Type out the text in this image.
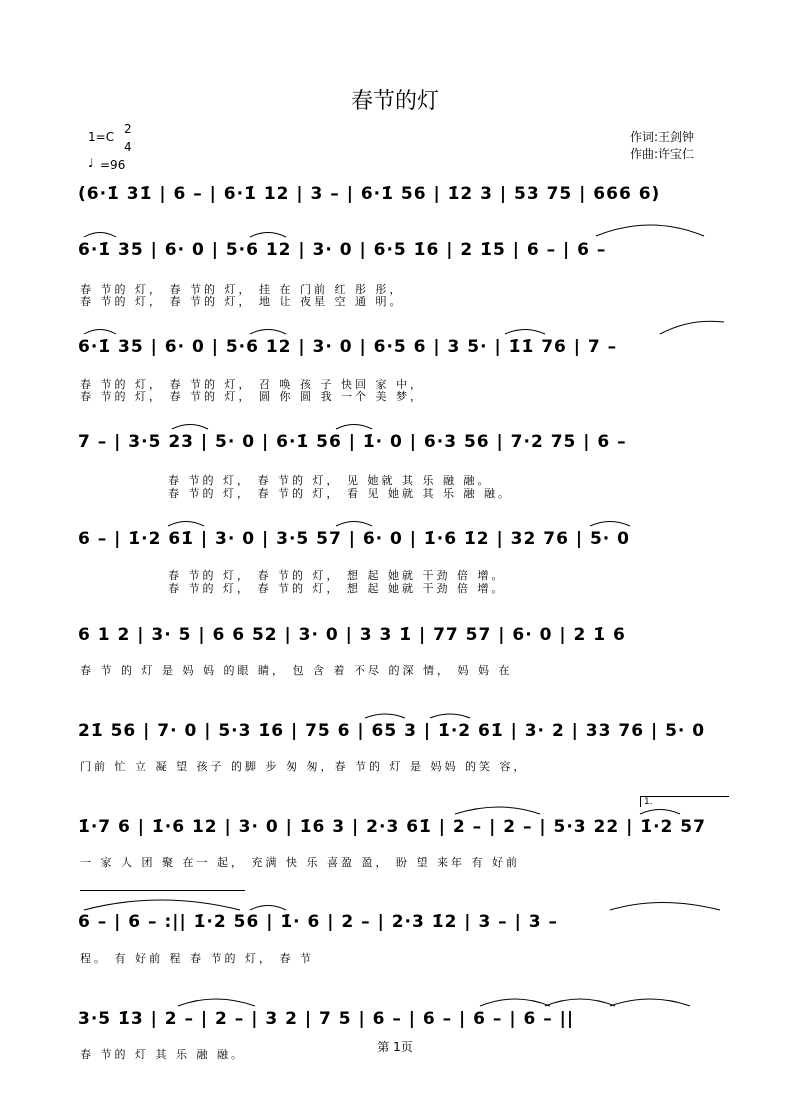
春节的灯
1=C
2
4
♩ =96
作词:王剑钟
作曲:许宝仁
(6·1̇ 31̇ | 6 – | 6·1̇ 12 | 3 – | 6·1̇ 56 | 1̇2 3 | 53 75 | 666 6)
6·1̇ 35 | 6· 0 | 5·6 12 | 3· 0 | 6·5 1̇6 | 2 1̇5 | 6 – | 6 –
春 节的 灯， 春 节的 灯， 挂 在 门前 红 彤 彤，
春 节的 灯， 春 节的 灯， 地 让 夜星 空 通 明。
6·1̇ 35 | 6· 0 | 5·6 12 | 3· 0 | 6·5 6 | 3 5· | 1̇1̇ 76 | 7 –
春 节的 灯， 春 节的 灯， 召 唤 孩 子 快回 家 中，
春 节的 灯， 春 节的 灯， 圆 你 圆 我 一个 美 梦，
7 – | 3·5 23 | 5· 0 | 6·1̇ 56 | 1̇· 0 | 6·3 56 | 7·2 75 | 6 –
春 节的 灯， 春 节的 灯， 见 她就 其 乐 融 融。
春 节的 灯， 春 节的 灯， 看 见 她就 其 乐 融 融。
6 – | 1̇·2 61̇ | 3· 0 | 3·5 57 | 6· 0 | 1̇·6 1̇2 | 32 76 | 5· 0
春 节的 灯， 春 节的 灯， 想 起 她就 干劲 倍 增。
春 节的 灯， 春 节的 灯， 想 起 她就 干劲 倍 增。
6 1 2 | 3· 5 | 6 6 52 | 3· 0 | 3 3 1̇ | 77 57 | 6· 0 | 2 1̇ 6
春 节 的 灯 是 妈 妈 的眼 睛， 包 含 着 不尽 的深 情， 妈 妈 在
21̇ 56 | 7· 0 | 5·3 1̇6 | 75 6 | 65 3 | 1̇·2 61̇ | 3· 2 | 33 76 | 5· 0
门前 忙 立 凝 望 孩子 的脚 步 匆 匆，春 节的 灯 是 妈妈 的笑 容，
1.
1̇·7 6 | 1̇·6 12 | 3· 0 | 1̇6 3 | 2·3 61̇ | 2 – | 2 – | 5·3 22 | 1̇·2 57
一 家 人 团 聚 在一 起， 充满 快 乐 喜盈 盈， 盼 望 来年 有 好前
6 – | 6 – :|| 1̇·2 56 | 1̇· 6 | 2 – | 2·3 1̇2 | 3 – | 3 –
程。 有 好前 程 春 节的 灯， 春 节
3·5 1̇3 | 2 – | 2 – | 3 2 | 7 5 | 6 – | 6 – | 6 – | 6 – ||
春 节的 灯 其 乐 融 融。
第 1页
